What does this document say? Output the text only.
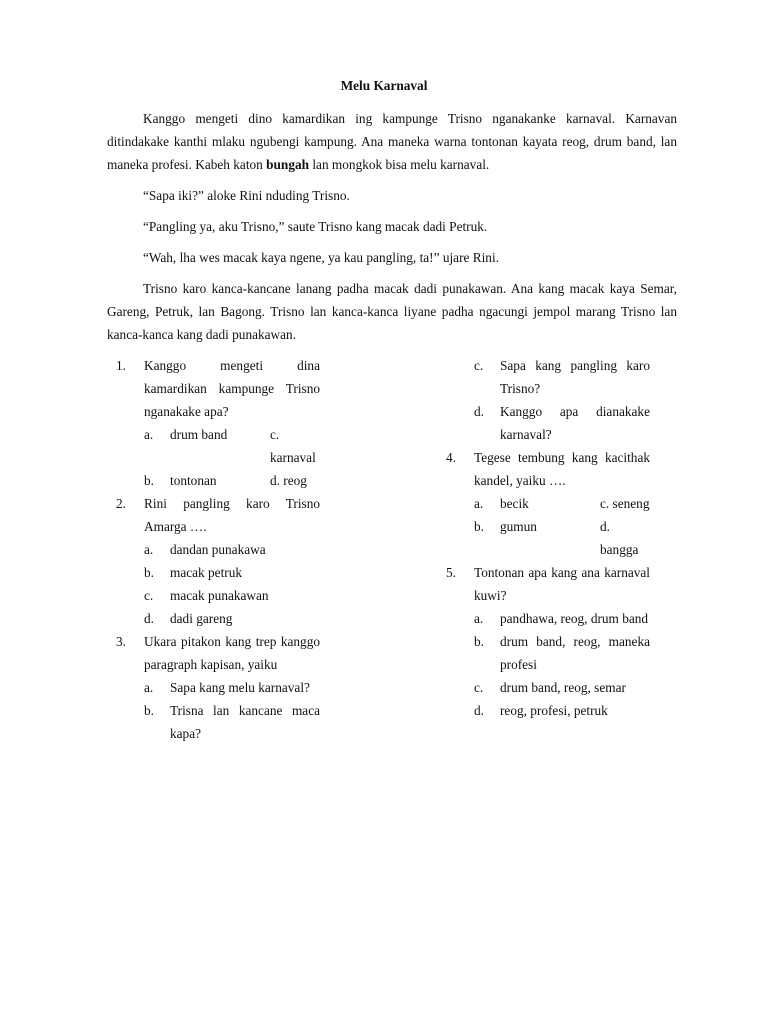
Melu Karnaval

Kanggo mengeti dino kamardikan ing kampunge Trisno nganakanke karnaval. Karnavan ditindakake kanthi mlaku ngubengi kampung. Ana maneka warna tontonan kayata reog, drum band, lan maneka profesi. Kabeh katon bungah lan mongkok bisa melu karnaval.

“Sapa iki?” aloke Rini nduding Trisno.

“Pangling ya, aku Trisno,” saute Trisno kang macak dadi Petruk.

“Wah, lha wes macak kaya ngene, ya kau pangling, ta!” ujare Rini.

Trisno karo kanca-kancane lanang padha macak dadi punakawan. Ana kang macak kaya Semar, Gareng, Petruk, lan Bagong. Trisno lan kanca-kanca liyane padha ngacungi jempol marang Trisno lan kanca-kanca kang dadi punakawan.

1.	Kanggo mengeti dina kamardikan kampunge Trisno nganakake apa?
a.	drum band	c. karnaval
b.	tontonan	d. reog
2.	Rini pangling karo Trisno Amarga ….
a.	dandan punakawa
b.	macak petruk
c.	macak punakawan
d.	dadi gareng
3.	Ukara pitakon kang trep kanggo paragraph kapisan, yaiku
a.	Sapa kang melu karnaval?
b.	Trisna lan kancane maca kapa?
c.	Sapa kang pangling karo Trisno?
d.	Kanggo apa dianakake karnaval?
4.	Tegese tembung kang kacithak kandel, yaiku ….
a.	becik	c. seneng
b.	gumun	d. bangga
5.	Tontonan apa kang ana karnaval kuwi?
a.	pandhawa, reog, drum band
b.	drum band, reog, maneka profesi
c.	drum band, reog, semar
d.	reog, profesi, petruk
